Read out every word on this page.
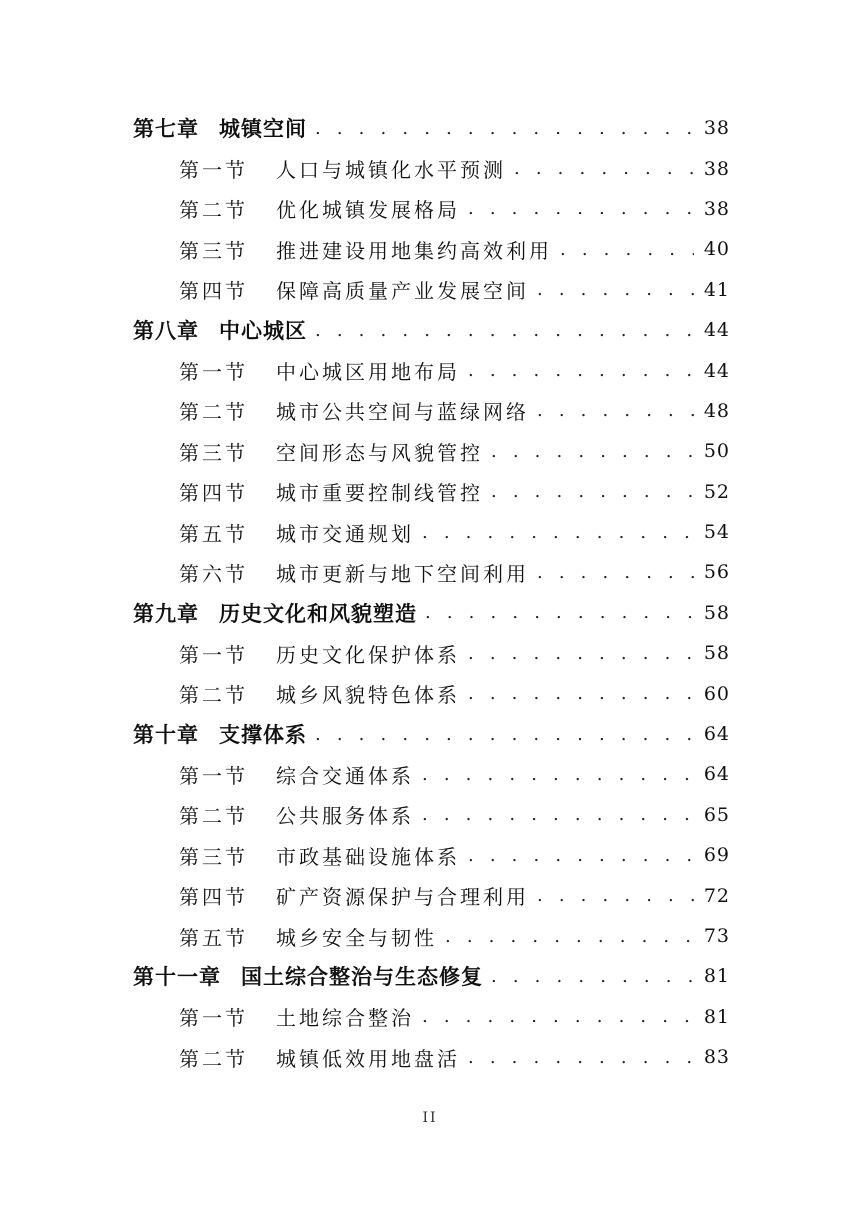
第七章 城镇空间 . . .	38
第一节 人口与城镇化水平预测 . . .	38
第二节 优化城镇发展格局 . . .	38
第三节 推进建设用地集约高效利用 . . .	40
第四节 保障高质量产业发展空间 . . .	41
第八章 中心城区 . . .	44
第一节 中心城区用地布局 . . .	44
第二节 城市公共空间与蓝绿网络 . . .	48
第三节 空间形态与风貌管控 . . .	50
第四节 城市重要控制线管控 . . .	52
第五节 城市交通规划 . . .	54
第六节 城市更新与地下空间利用 . . .	56
第九章 历史文化和风貌塑造 . . .	58
第一节 历史文化保护体系 . . .	58
第二节 城乡风貌特色体系 . . .	60
第十章 支撑体系 . . .	64
第一节 综合交通体系 . . .	64
第二节 公共服务体系 . . .	65
第三节 市政基础设施体系 . . .	69
第四节 矿产资源保护与合理利用 . . .	72
第五节 城乡安全与韧性 . . .	73
第十一章 国土综合整治与生态修复 . . .	81
第一节 土地综合整治 . . .	81
第二节 城镇低效用地盘活 . . .	83
II
